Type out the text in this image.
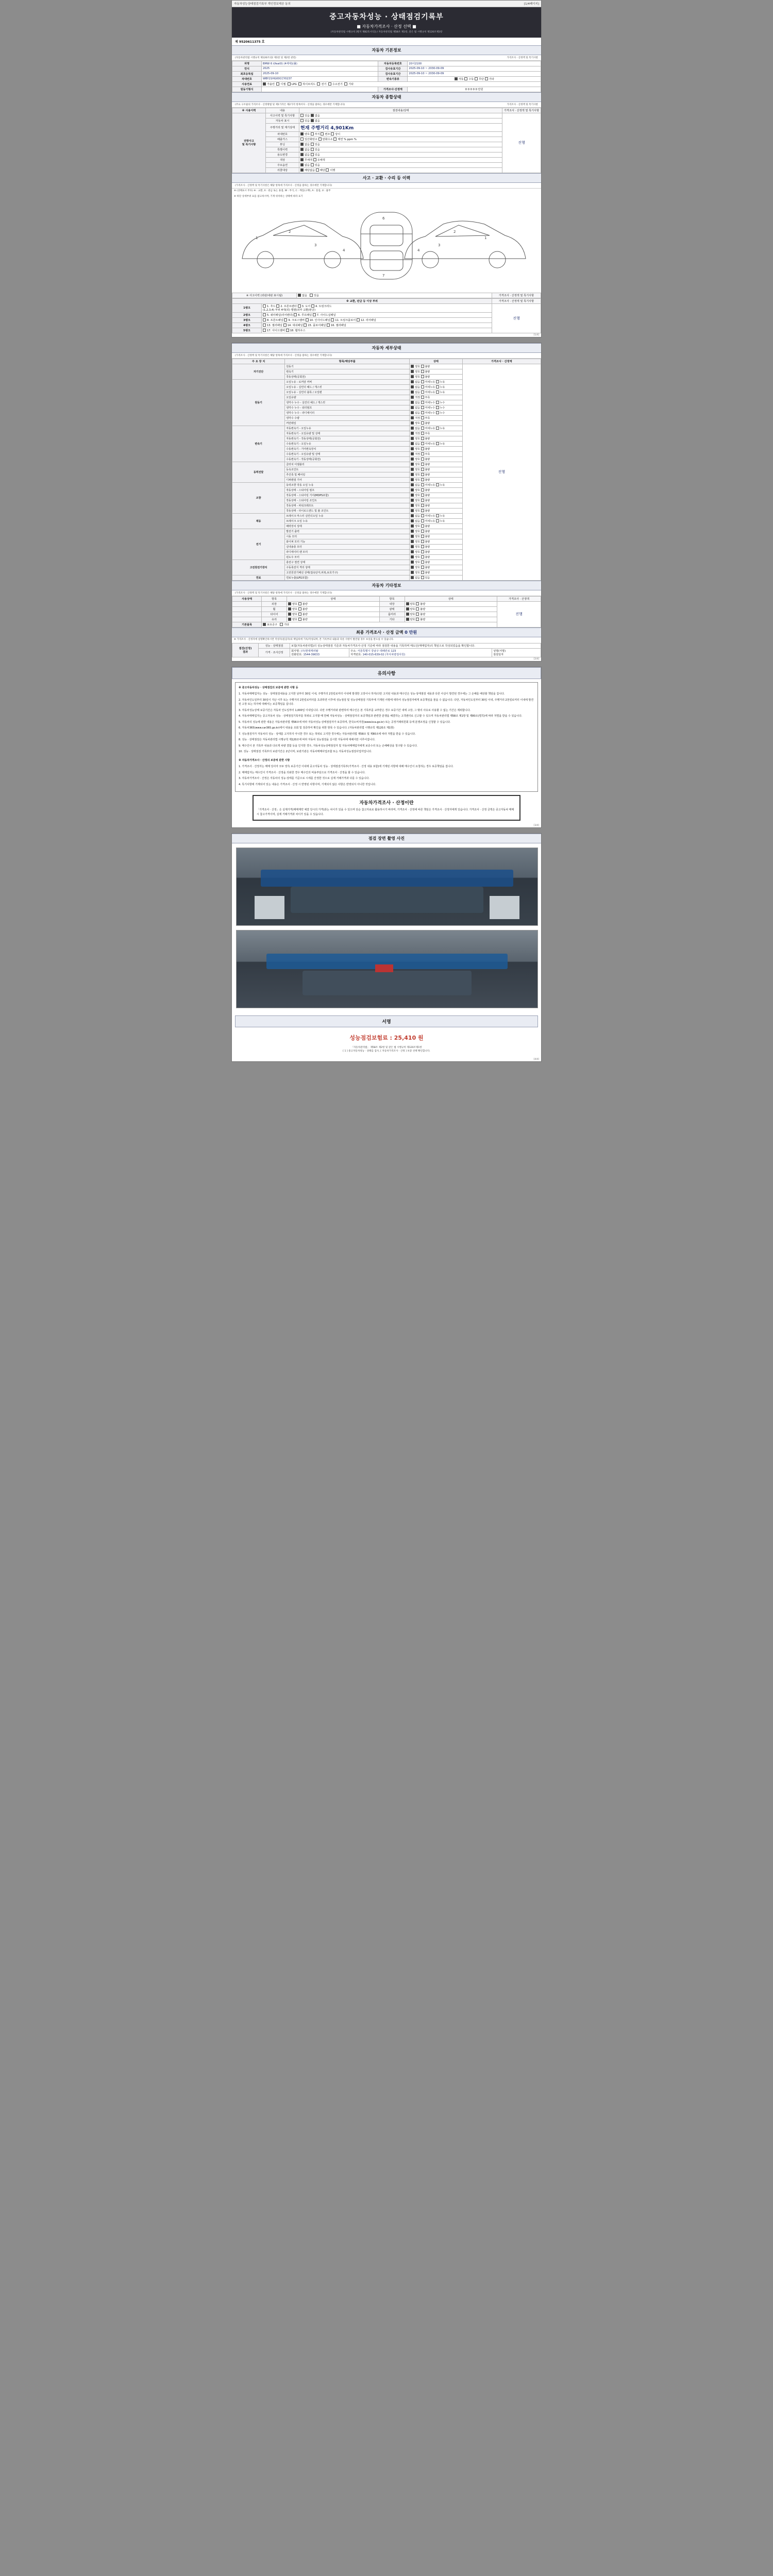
자동차성능상태점검기록부 개인정보제공 동의	[1/4페이지]
중고자동차성능 · 상태점검기록부
■ 자동차가격조사 · 산정 선택 ■
(자동차관리법 시행규칙 [별지 제82호서식]) / 자동차관리법 제58조 제1항, 같은 법 시행규칙 제120조제1항
제 9520611375 호
자동차 기본정보
(자동차관리법 시행규칙 제120조의2 제1항 및 제2항 관련)	가격조사 · 산정액 및 특기사항
차명	BMW 6 i(feat0) (4세대)(풀)	자동차등록번호	20서2100
연식	2025	검사유효기간	2025-09-10 ~ 2030-09-09
최초등록일	2025-09-10	검사유효기간	2025-09-10 ~ 2030-09-09
차대번호	WBY21HG00CCY0237	변속기종류	자동 수동 무단 기타
사용연료	가솔린 디젤 LPG 하이브리드 전기 수소전기 기타		
원동기형식		가격조사·산정액	0 0 0 0 0 만원
자동차 종합상태
(주요 구조물의 가격조사 · 산정방법 및 제1가격은 제2가격 항목이다 · 산정을 말하는 경우에만 기재합니다)	가격조사 · 산정액 및 특기사항
※ 사용이력	내용	점검내용/상태	가격조사 · 산정액 및 특기사항
전방사고
및 특기사항	사고이력 및 특기사항	있음 없음	진행
	자동차 표시	있음 없음	
	주행거리 및 계기상태	현재 주행거리 4,901Km	
	차대번호	양호 부식 변조 상이	
	배출가스	일산화탄소 탄화수소 매연 % ppm %	
	튜닝	없음 있음	
	특별이력	없음 있음	
	용도변경	없음 있음	
	색상	무채색 유채색	
	주요옵션	없음 있음	
	리콜대상	해당없음 해당 이행	
사고 · 교환 · 수리 등 이력
(가격조사 · 산정액 및 특기사항은 해당 항목에 가격조사 · 산정을 말하는 경우에만 기재합니다)
※ (상태표시 부호) ※ : 교환, X : 판금 또는 용접, W : 부식, C : 깨짐(크랙), A : 흠집, U : 흉부
※ 하단 상세부위 표를 참고하시며, 기재 위치하는 상태에 따라 표기
1
2
3
4
6
7
1
2
3
4
※ 사고이력 (외판/내판 표시됨)	없음 있음	가격조사 · 산정액 및 특기사항
※ 교환, 판금 등 이상 부위		가격조사 · 산정액 및 특기사항
1랭크	1. 후드 2. 프론트펜더 3. 도어 4. 트렁크리드
(1,2,3,4) 부위 4대(외) 앨범(외부 교환/판금)	진행
2랭크	5. 쿼터패널(리어펜더) 6. 루프패널 7. 사이드실패널	
3랭크	8. 프론트패널 9. 크로스멤버 10. 인사이드패널 11. 트렁크플로어 12. 리어패널	
4랭크	13. 필러패널 14. 대쉬패널 15. 플로어패널 16. 필라패널	
5랭크	17. 사이드멤버 18. 휠하우스	
[1/4]
자동차 세부상태
(가격조사 · 산정액 및 특기사항은 해당 항목에 가격조사 · 산정을 말하는 경우에만 기재합니다)
주 요 장 치	항목/해당부품	상태	가격조사 · 산정액
자기진단	원동기	양호 불량	진행
	변속기	양호 불량	
	작동상태(공회전)	양호 불량	
원동기	오일누유 - 로커암 커버	없음 미세누유 누유	
	오일누유 - 실린더 헤드 / 개스킷	없음 미세누유 누유	
	오일누유 - 실린더 블록 / 오일팬	없음 미세누유 누유	
	오일유량	적정 부족	
	냉각수 누수 - 실린더 헤드 / 개스킷	없음 미세누수 누수	
	냉각수 누수 - 워터펌프	없음 미세누수 누수	
	냉각수 누수 - 라디에이터	없음 미세누수 누수	
	냉각수 수량	적정 부족	
	커먼레일	양호 불량	
변속기	자동변속기 - 오일누유	없음 미세누유 누유	
	자동변속기 - 오일유량 및 상태	적정 부족	
	자동변속기 - 작동상태(공회전)	양호 불량	
	수동변속기 - 오일누유	없음 미세누유 누유	
	수동변속기 - 기어변속장치	양호 불량	
	수동변속기 - 오일유량 및 상태	적정 부족	
	수동변속기 - 작동상태(공회전)	양호 불량	
동력전달	클러치 어셈블리	양호 불량	
	등속조인트	양호 불량	
	추진축 및 베어링	양호 불량	
	디퍼렌셜 기어	양호 불량	
조향	동력조향 작동 오일 누유	없음 미세누유 누유	
	작동상태 - 스티어링 펌프	양호 불량	
	작동상태 - 스티어링 기어(MDPS포함)	양호 불량	
	작동상태 - 스티어링 조인트	양호 불량	
	작동상태 - 파워크래프트	양호 불량	
	작동상태 - 타이로드엔드 및 볼 조인트	양호 불량	
제동	브레이크 마스터 실린더오일 누유	없음 미세누유 누유	
	브레이크 오일 누유	없음 미세누유 누유	
	배력장치 상태	양호 불량	
전기	발전기 출력	양호 불량	
	시동 모터	양호 불량	
	와이퍼 모터 기능	양호 불량	
	실내송풍 모터	양호 불량	
	라디에이터 팬 모터	양호 불량	
	윈도우 모터	양호 불량	
고전원전기장치	충전구 절연 상태	양호 불량	
	구동축전지 격리 상태	양호 불량	
	고전원전기배선 상태(접속단자,피복,보호기구)	양호 불량	
연료	연료누출(LPG포함)	없음 있음	
자동차 기타정보
(가격조사 · 산정액 및 특기사항은 해당 항목에 가격조사 · 산정을 말하는 경우에만 기재합니다)
사용상태	항목	상태	항목	상태	가격조사 · 산정액
	외장	양호 불량	내장	양호 불량	진행
	휠	양호 불량	광택	양호 불량	
	타이어	양호 불량	룸미러	양호 불량	
	유리	양호 불량	기타	양호 불량	
기본품목	보유공구 기타				
최종 가격조사 · 산정 금액 0 만원
※ 가격조사 · 산정자에 설명확인하시면 작성자(점검자)의 책임하에 기록/작성되며, 본 기록부의 내용과 다른 사항이 발견될 경우 보상을 받으실 수 있습니다.
점검(산정)
결과	성능 · 상태점검	보험(자동차관리법)의 성능상태점검 기준과 자동차가격조사·산정 기준에 따라 점검한 내용을 기록하며 매도인(매매업자)의 책임으로 작성되었음을 확인합니다.		
	가격 · 조사산정	회사명: (주)현대캐피탈
전화번호: 1544-39033	주소: 서울특별시 강남구 테헤란로 123
자격번호: 140-015-639-02 (자사차량검사원)	성명(서명)
점검일자
[2/4]
유의사항
※ 중고자동차성능 · 상태점검의 보증에 관한 사항 등
1. 자동차매매업자는 성능 · 상태점검내용을 고지한 날부터 30일 이내, 주행거리 2천킬로미터 이내에 발생한 고장이나 하자(다만 고지된 내용과 매수인은 성능·상태점검 내용과 다른 사실이 발견된 경우에는 그 손해를 배상할 책임을 집니다.
2. 자동차인도일부터 30일이 지난 이후 또는 주행거리 2천킬로미터를 초과하면 이후에 성능점검 및 성능상태점검 기록부에 기재된 사항에 대하여 성능점검자에게 보증책임을 물을 수 없습니다. 다만, 자동차인도일부터 30일 이내, 주행거리 2천킬로미터 이내에 발견된 고장 또는 하자에 대해서는 보증책임을 집니다.
3. 자동차성능상태 보증기간은 자동차 인도일부터 1,000일 이내입니다. 다만 주행거리와 관련하여 매수인은 본 기록부를 교부받은 경우 보증기간 내에 고장, 그 밖의 사유로 사용할 수 없는 기간은 제외합니다.
4. 자동차매매업자는 중고자동차 성능 · 상태점검기록부를 허위로 고지할 때 한해 자동차성능 · 상태점검자의 보증책임과 관련한 분쟁을 해결하는 고객센터로 신고할 수 있으며 자동차관리법 제58조 제1항 및 제80조(벌칙)에 따라 처벌을 받을 수 있습니다.
5. 자동차의 성능에 관한 내용은 자동차관리법 제58조에 따라 자동차성능·상태점검자가 보증하며, 한국소비자원(www.kca.go.kr) 또는 공정거래위원회 등에 분쟁조정을 신청할 수 있습니다.
6. 자동차365(www.car365.go.kr)에서 내용을 조회 및 검증하여 확인을 위한 항목 수 있습니다. (자동차관리법 시행규칙 제120조 제1항)
7. 성능점검자가 자동차의 성능 · 상태를 고지하지 아니한 경우 또는 허위로 고지한 경우에는 자동차관리법 제58조 및 제80조에 따라 처벌을 받을 수 있습니다.
8. 성능 · 상태점검은 자동차관리법 시행규칙 제120조에 따라 자동차 성능점검을 실시한 자동차에 대해서만 이루어집니다.
9. 매수인이 본 기록부 내용과 다르게 차량 결함 등을 인지한 경우, 자동차성능상태점검자 및 자동차매매업자에게 보증수리 또는 손해배상을 청구할 수 있습니다.
10. 성능 · 상태점검 기록부의 보관기간은 2년이며, 보관기관은 자동차매매사업조합 또는 자동차성능점검사업자입니다.
※ 자동차가격조사 · 산정의 보증에 관한 사항
1. 가격조사 · 산정자는 매매 당사자 모두 양측 보증기간 이내에 중고자동차 성능 · 상태점검기록부(가격조사 · 산정 내용 포함)에 기재된 사항에 대해 매수인이 요청하는 경우 보증책임을 집니다.
2. 매매업자는 매수인이 가격조사 · 산정을 의뢰한 경우 매수인의 비용부담으로 가격조사 · 산정을 할 수 있습니다.
3. 자동차가격조사 · 산정은 자동차의 성능·상태를 기준으로 시세를 산정한 것으로 실제 거래가격과 다를 수 있습니다.
4. 특기사항에 기재되어 있는 내용은 가격조사 · 산정 시 반영된 사항이며, 기재되지 않은 사항은 반영되지 아니한 것입니다.
자동차가격조사 · 산정이란
「가격조사 · 산정」은 실제가격(매매계약 체결 당시의 가격)과는 차이가 있을 수 있으며 단순 참고자료로 활용하시기 바라며, 가격조사 · 산정에 따른 책임은 가격조사 · 산정자에게 있습니다. 가격조사 · 산정 금액은 중고자동차 매매시 참고가격이며, 실제 거래가격과 차이가 있을 수 있습니다.
[3/4]
점검 장면 촬영 사진
서명
성능점검보험료 : 25,410 원
「자동차관리법」 제58조 제2항 및 같은 법 시행규칙 제120조제1항
[ 1 ] 중고자동차성능 · 상태를 검사, [ 자동차가격조사 · 산정 ] 보증 선택 확인합니다.
[4/4]
